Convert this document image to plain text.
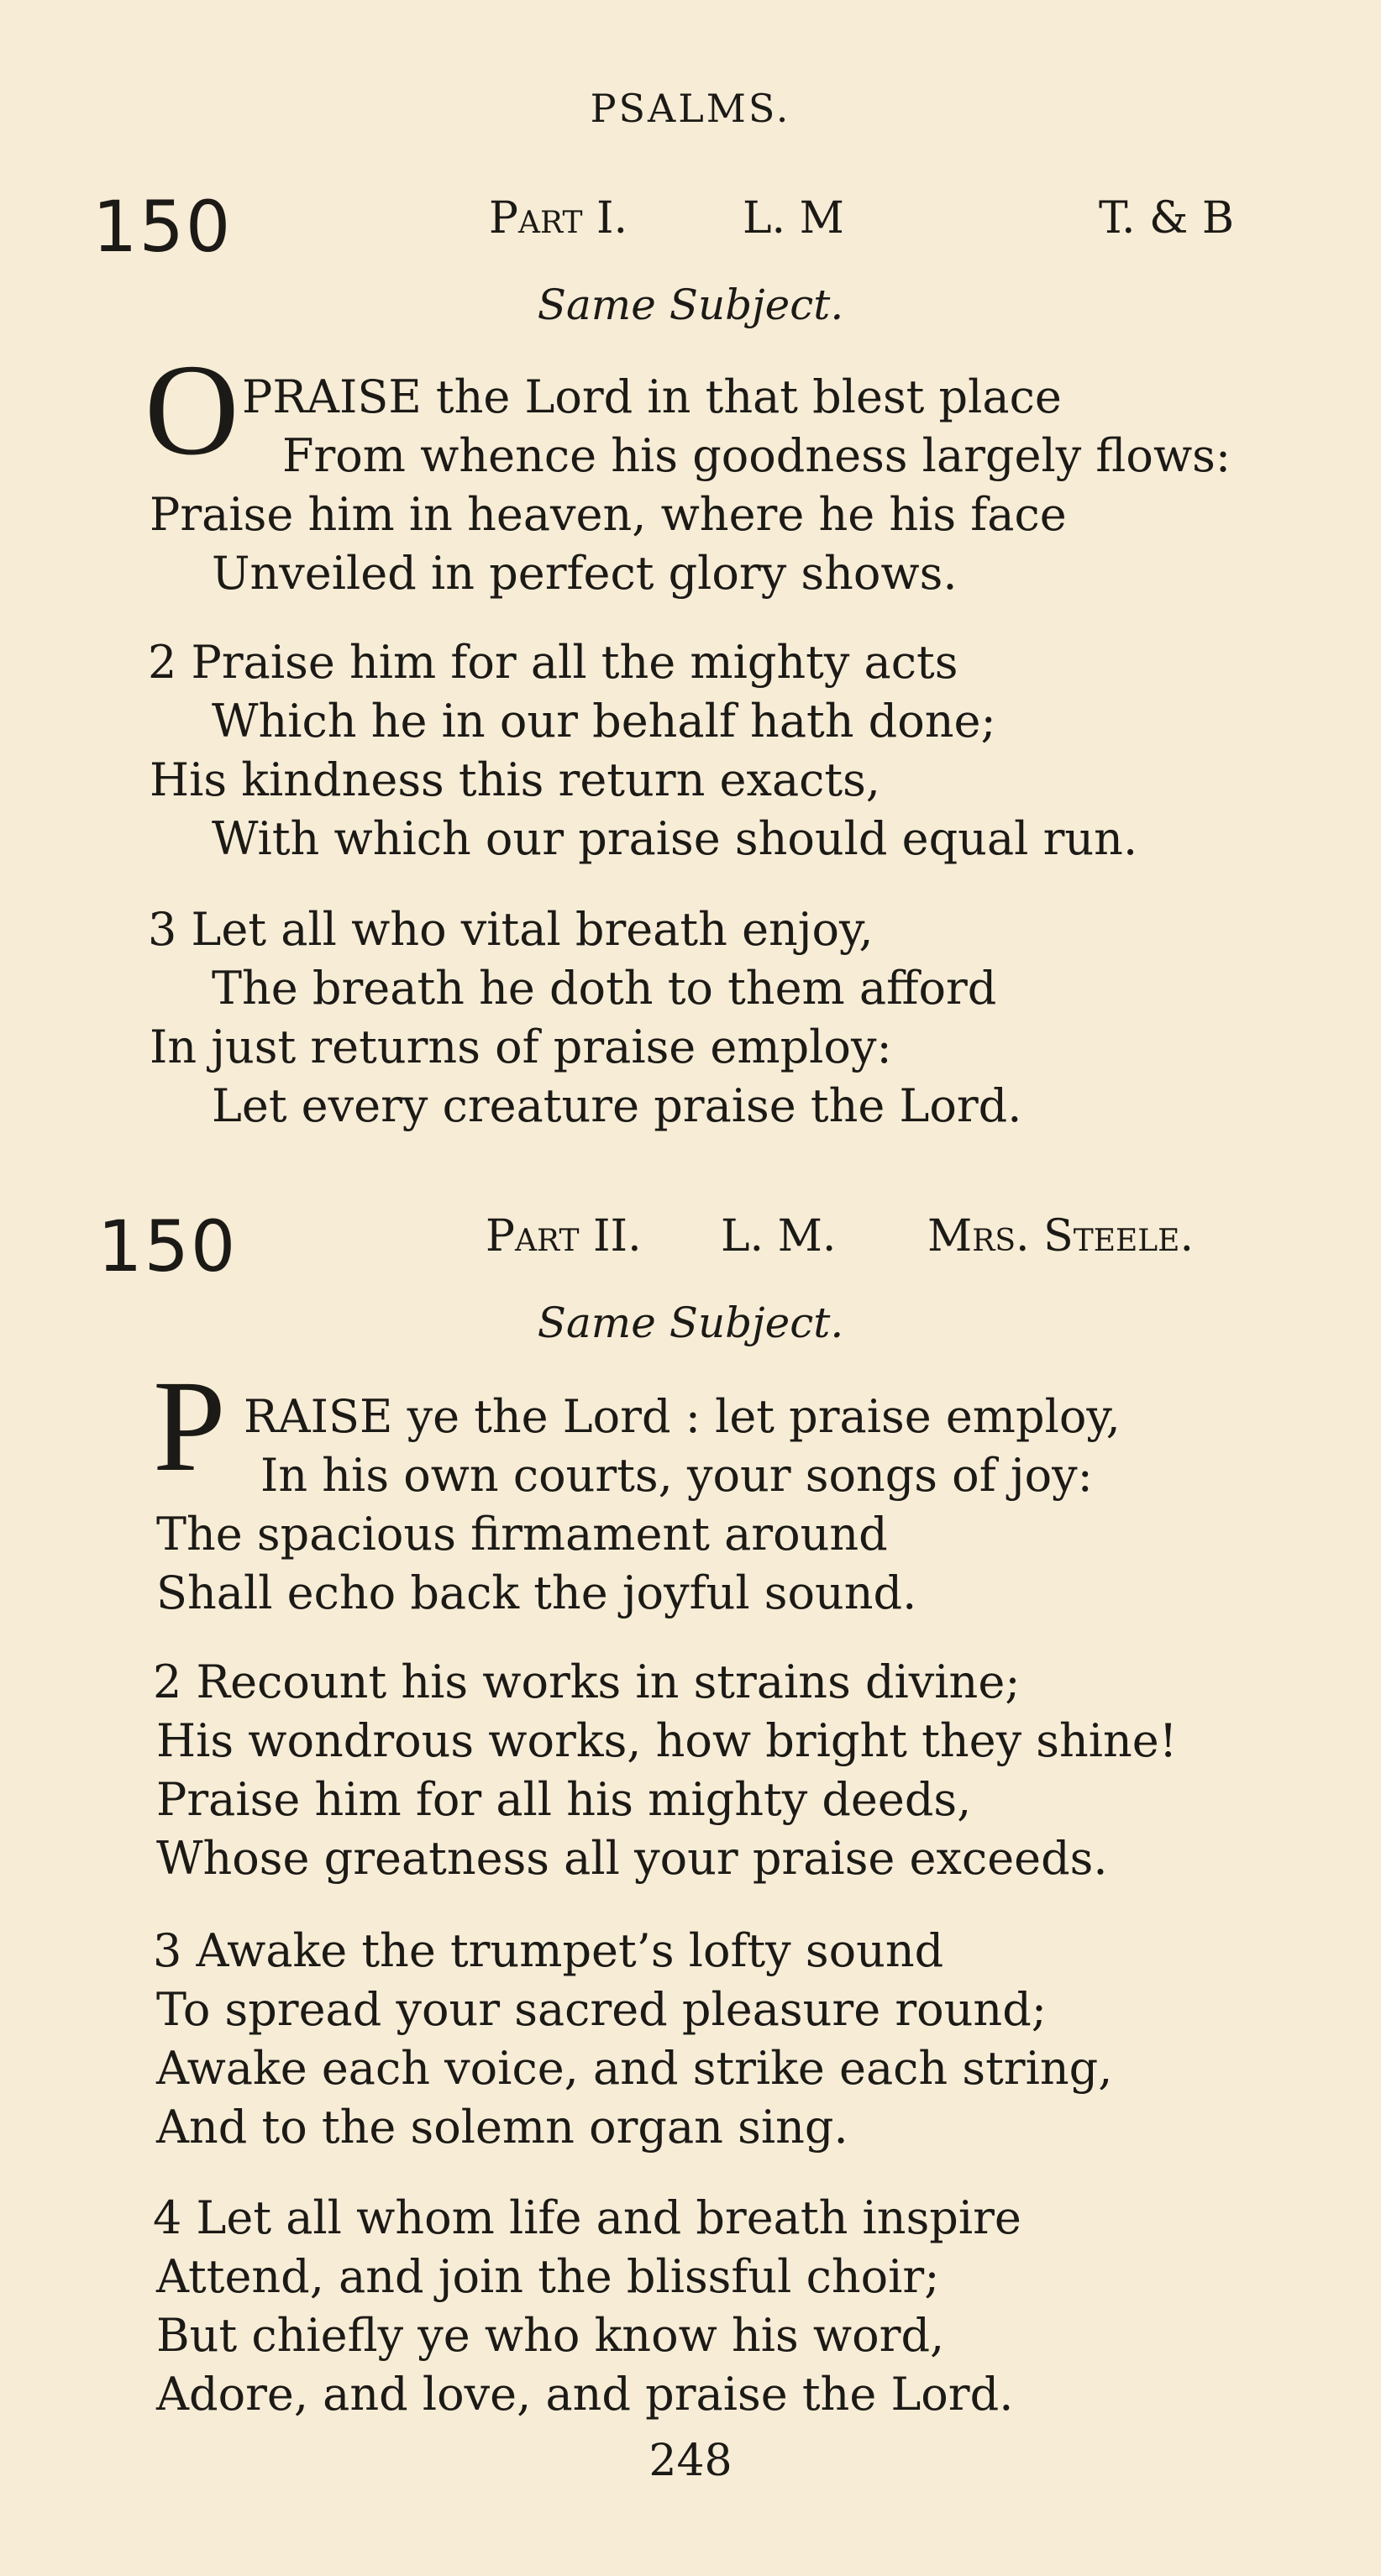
PSALMS.
150	Part I.	L. M	T. & B
Same Subject.
O PRAISE the Lord in that blest place
From whence his goodness largely flows:
Praise him in heaven, where he his face
Unveiled in perfect glory shows.
2 Praise him for all the mighty acts
Which he in our behalf hath done;
His kindness this return exacts,
With which our praise should equal run.
3 Let all who vital breath enjoy,
The breath he doth to them afford
In just returns of praise employ:
Let every creature praise the Lord.
150	Part II. L. M. Mrs. Steele.
Same Subject.
P RAISE ye the Lord : let praise employ,
In his own courts, your songs of joy:
The spacious firmament around
Shall echo back the joyful sound.
2 Recount his works in strains divine;
His wondrous works, how bright they shine!
Praise him for all his mighty deeds,
Whose greatness all your praise exceeds.
3 Awake the trumpet’s lofty sound
To spread your sacred pleasure round;
Awake each voice, and strike each string,
And to the solemn organ sing.
4 Let all whom life and breath inspire
Attend, and join the blissful choir;
But chiefly ye who know his word,
Adore, and love, and praise the Lord.
248
